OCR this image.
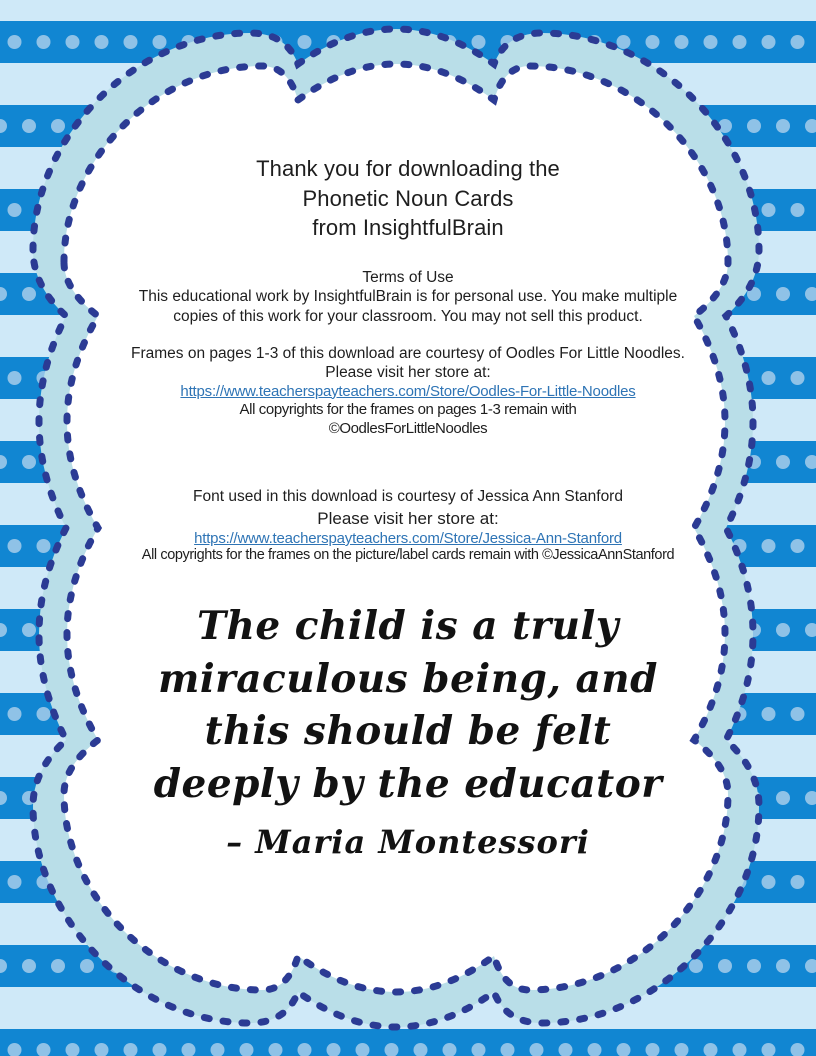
Thank you for downloading the
Phonetic Noun Cards
from InsightfulBrain
Terms of Use
This educational work by InsightfulBrain is for personal use. You make multiple
copies of this work for your classroom. You may not sell this product.
Frames on pages 1-3 of this download are courtesy of Oodles For Little Noodles.
Please visit her store at:
https://www.teacherspayteachers.com/Store/Oodles-For-Little-Noodles
All copyrights for the frames on pages 1-3 remain with
©OodlesForLittleNoodles
Font used in this download is courtesy of Jessica Ann Stanford
Please visit her store at:
https://www.teacherspayteachers.com/Store/Jessica-Ann-Stanford
All copyrights for the frames on the picture/label cards remain with ©JessicaAnnStanford
The child is a truly
miraculous being, and
this should be felt
deeply by the educator
– Maria Montessori
